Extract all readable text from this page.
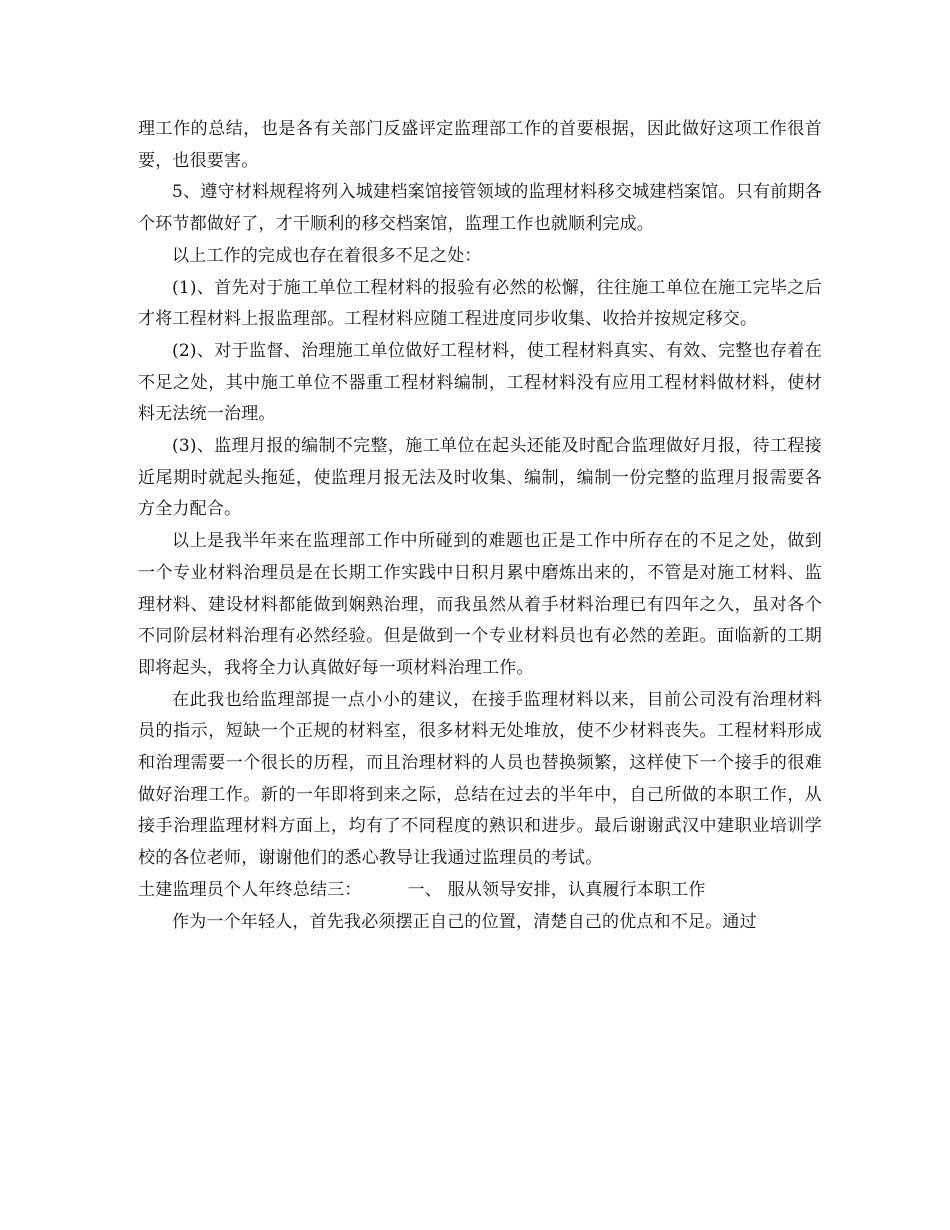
理工作的总结，也是各有关部门反盛评定监理部工作的首要根据，因此做好这项工作很首要，也很要害。

5、遵守材料规程将列入城建档案馆接管领域的监理材料移交城建档案馆。只有前期各个环节都做好了，才干顺利的移交档案馆，监理工作也就顺利完成。

以上工作的完成也存在着很多不足之处：

(1)、首先对于施工单位工程材料的报验有必然的松懈，往往施工单位在施工完毕之后才将工程材料上报监理部。工程材料应随工程进度同步收集、收拾并按规定移交。

(2)、对于监督、治理施工单位做好工程材料，使工程材料真实、有效、完整也存着在不足之处，其中施工单位不器重工程材料编制，工程材料没有应用工程材料做材料，使材料无法统一治理。

(3)、监理月报的编制不完整，施工单位在起头还能及时配合监理做好月报，待工程接近尾期时就起头拖延，使监理月报无法及时收集、编制，编制一份完整的监理月报需要各方全力配合。

以上是我半年来在监理部工作中所碰到的难题也正是工作中所存在的不足之处，做到一个专业材料治理员是在长期工作实践中日积月累中磨炼出来的，不管是对施工材料、监理材料、建设材料都能做到娴熟治理，而我虽然从着手材料治理已有四年之久，虽对各个不同阶层材料治理有必然经验。但是做到一个专业材料员也有必然的差距。面临新的工期即将起头，我将全力认真做好每一项材料治理工作。

在此我也给监理部提一点小小的建议，在接手监理材料以来，目前公司没有治理材料员的指示，短缺一个正规的材料室，很多材料无处堆放，使不少材料丧失。工程材料形成和治理需要一个很长的历程，而且治理材料的人员也替换频繁，这样使下一个接手的很难做好治理工作。新的一年即将到来之际，总结在过去的半年中，自己所做的本职工作，从接手治理监理材料方面上，均有了不同程度的熟识和进步。最后谢谢武汉中建职业培训学校的各位老师，谢谢他们的悉心教导让我通过监理员的考试。

土建监理员个人年终总结三：	一、 服从领导安排，认真履行本职工作

作为一个年轻人，首先我必须摆正自己的位置，清楚自己的优点和不足。通过
